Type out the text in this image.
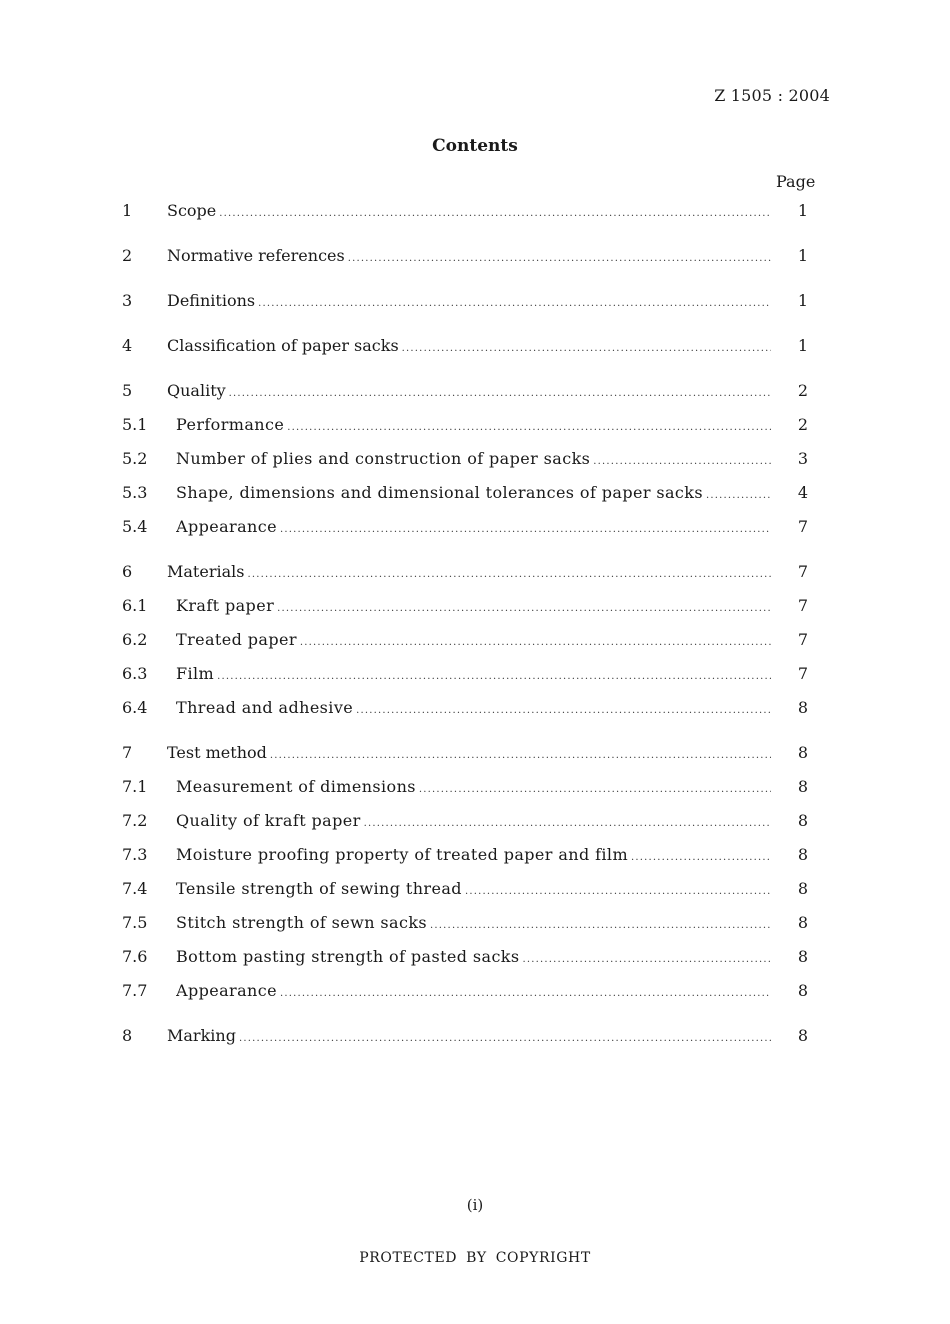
Z 1505 : 2004
Contents
Page
1 Scope .....	1
2 Normative references .....	1
3 Definitions .....	1
4 Classification of paper sacks .....	1
5 Quality .....	2
5.1 Performance .....	2
5.2 Number of plies and construction of paper sacks .....	3
5.3 Shape, dimensions and dimensional tolerances of paper sacks .....	4
5.4 Appearance .....	7
6 Materials .....	7
6.1 Kraft paper .....	7
6.2 Treated paper .....	7
6.3 Film .....	7
6.4 Thread and adhesive .....	8
7 Test method .....	8
7.1 Measurement of dimensions .....	8
7.2 Quality of kraft paper .....	8
7.3 Moisture proofing property of treated paper and film .....	8
7.4 Tensile strength of sewing thread .....	8
7.5 Stitch strength of sewn sacks .....	8
7.6 Bottom pasting strength of pasted sacks .....	8
7.7 Appearance .....	8
8 Marking .....	8
(i)
PROTECTED BY COPYRIGHT
